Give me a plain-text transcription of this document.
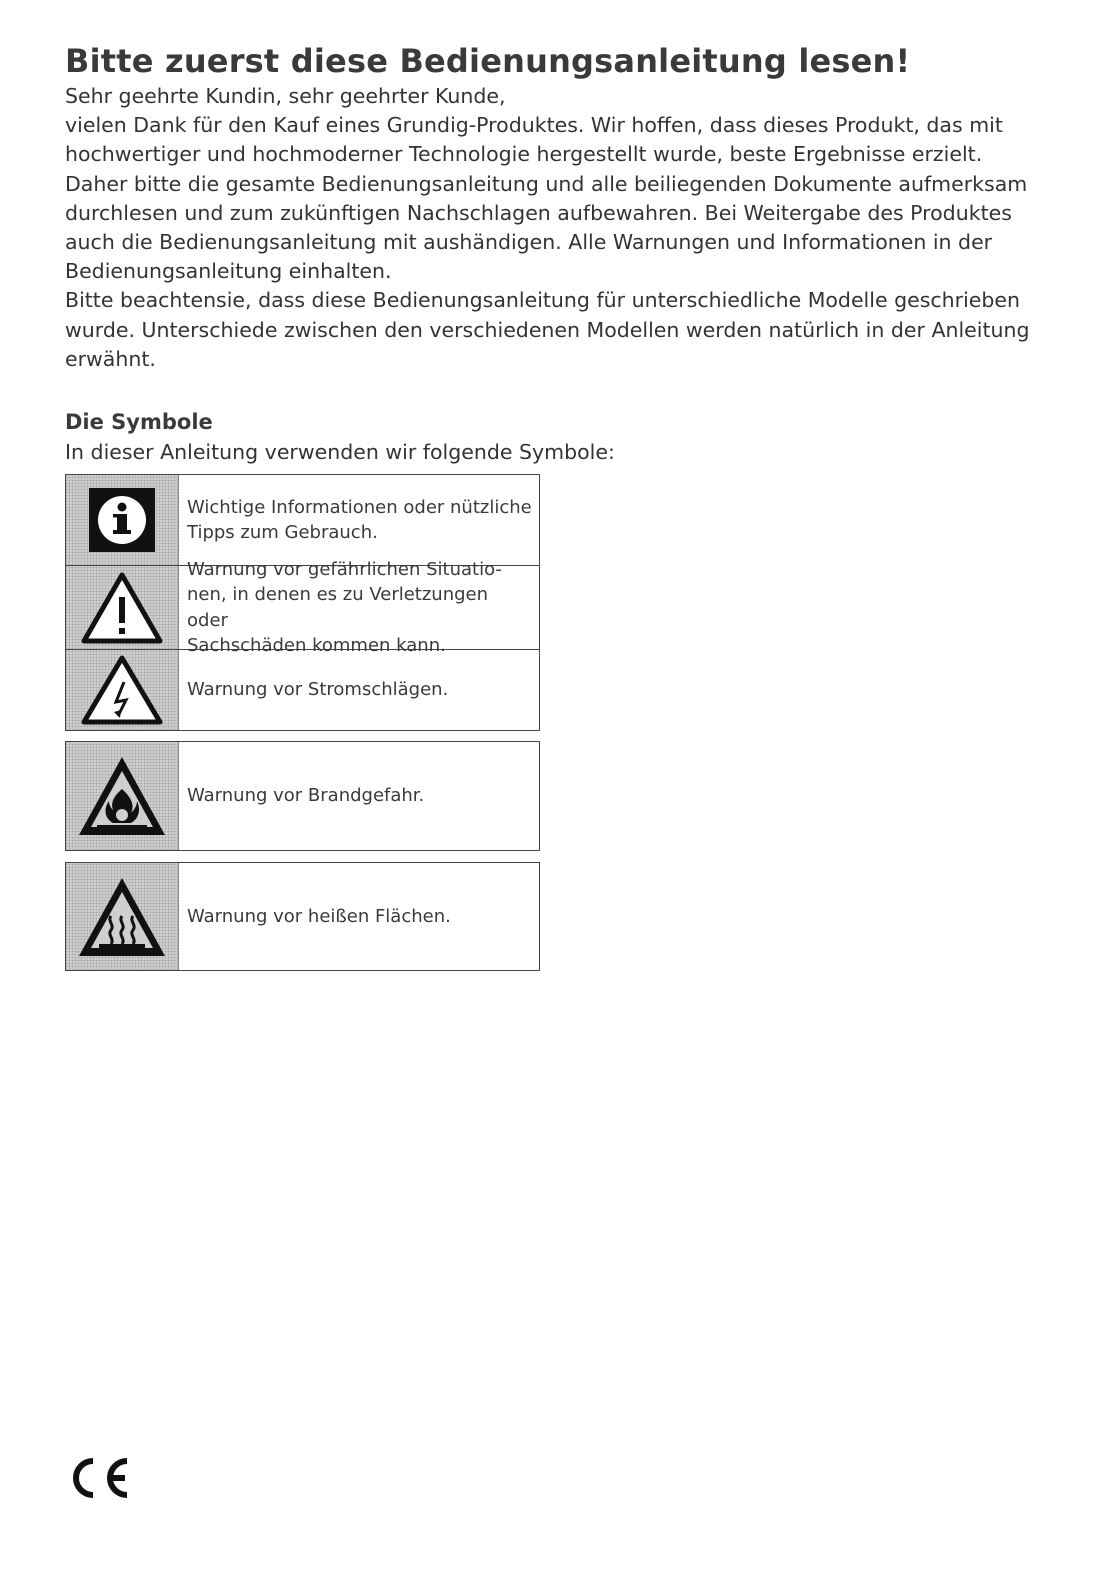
Bitte zuerst diese Bedienungsanleitung lesen!

Sehr geehrte Kundin, sehr geehrter Kunde,

vielen Dank für den Kauf eines Grundig-Produktes. Wir hoffen, dass dieses Produkt, das mit

hochwertiger und hochmoderner Technologie hergestellt wurde, beste Ergebnisse erzielt.

Daher bitte die gesamte Bedienungsanleitung und alle beiliegenden Dokumente aufmerksam

durchlesen und zum zukünftigen Nachschlagen aufbewahren. Bei Weitergabe des Produktes

auch die Bedienungsanleitung mit aushändigen. Alle Warnungen und Informationen in der

Bedienungsanleitung einhalten.

Bitte beachtensie, dass diese Bedienungsanleitung für unterschiedliche Modelle geschrieben

wurde. Unterschiede zwischen den verschiedenen Modellen werden natürlich in der Anleitung

erwähnt.

Die Symbole
In dieser Anleitung verwenden wir folgende Symbole:
Wichtige Informationen oder nützliche
Tipps zum Gebrauch.
Warnung vor gefährlichen Situatio-
nen, in denen es zu Verletzungen oder
Sachschäden kommen kann.
Warnung vor Stromschlägen.
Warnung vor Brandgefahr.
Warnung vor heißen Flächen.
